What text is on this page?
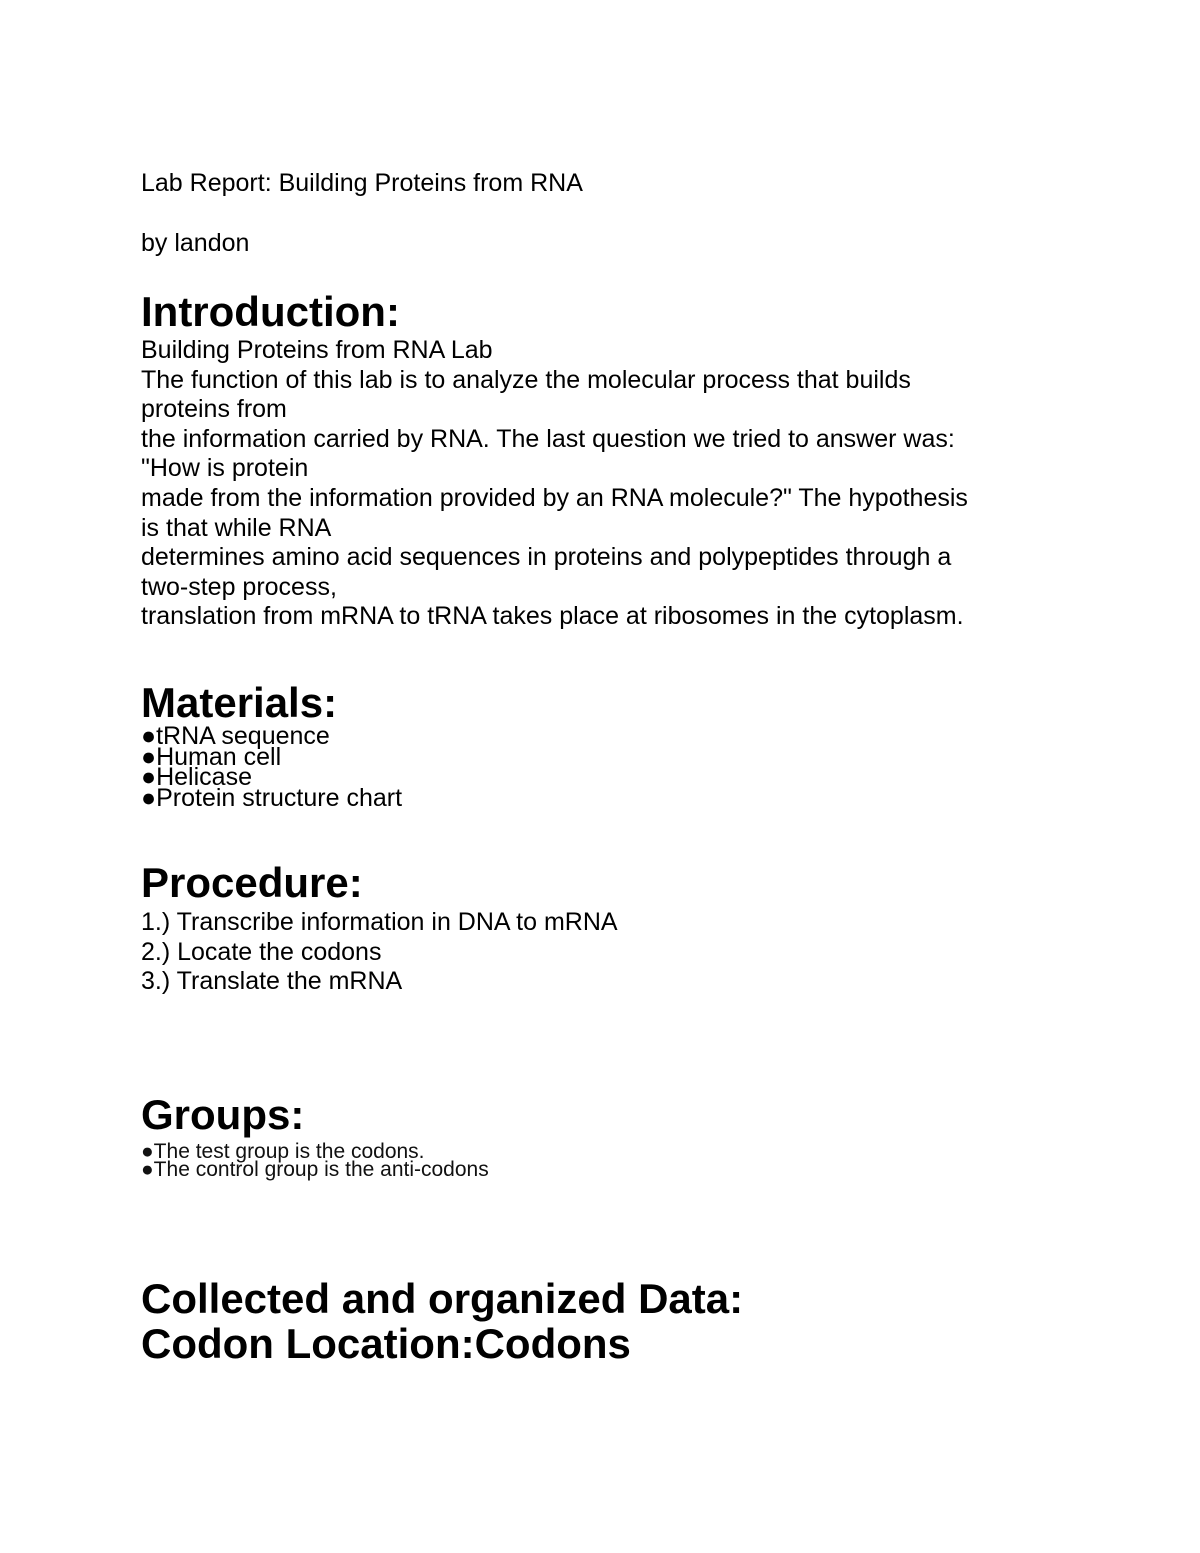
Lab Report: Building Proteins from RNA
by landon
Introduction:
Building Proteins from RNA Lab
The function of this lab is to analyze the molecular process that builds
proteins from
the information carried by RNA. The last question we tried to answer was:
"How is protein
made from the information provided by an RNA molecule?" The hypothesis
is that while RNA
determines amino acid sequences in proteins and polypeptides through a
two-step process,
translation from mRNA to tRNA takes place at ribosomes in the cytoplasm.
Materials:
●tRNA sequence
●Human cell
●Helicase
●Protein structure chart
Procedure:
1.) Transcribe information in DNA to mRNA
2.) Locate the codons
3.) Translate the mRNA
Groups:
●The test group is the codons.
●The control group is the anti-codons
Collected and organized Data:
Codon Location:Codons
